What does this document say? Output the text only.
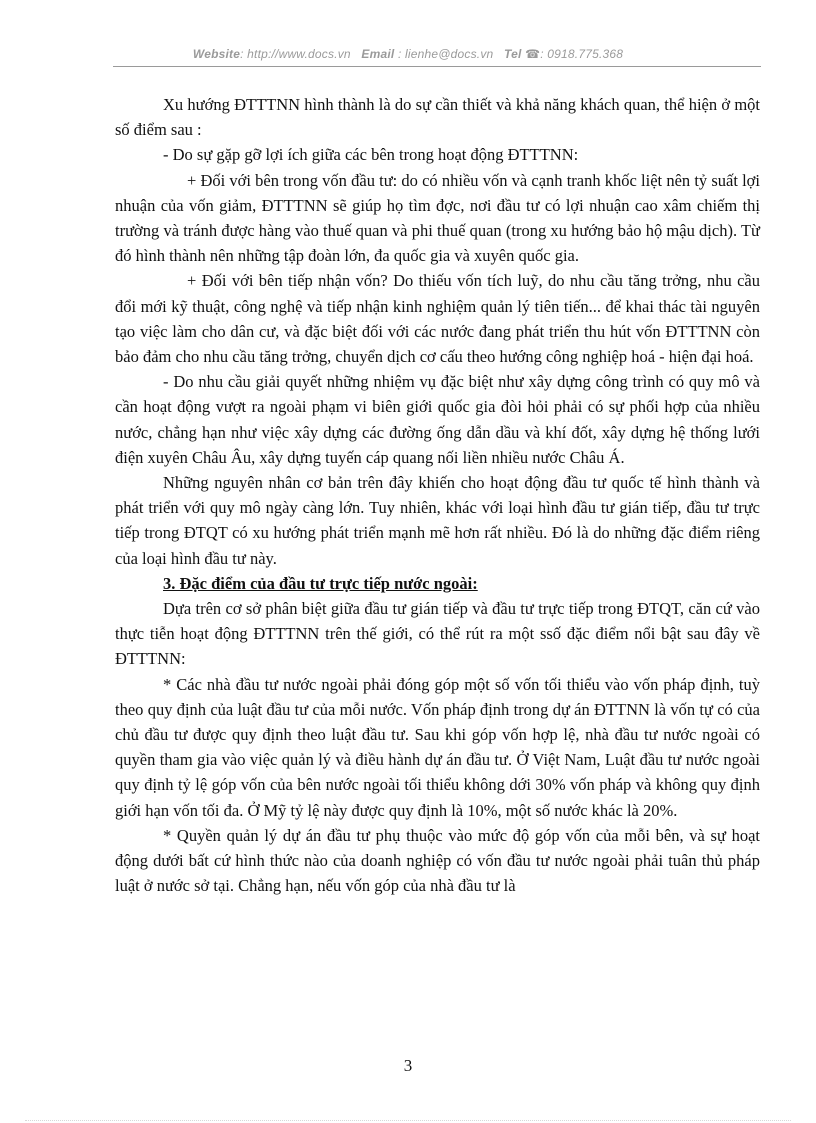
Website: http://www.docs.vn Email : lienhe@docs.vn Tel ☎: 0918.775.368

Xu hướng ĐTTTNN hình thành là do sự cần thiết và khả năng khách quan, thể hiện ở một số điểm sau :

- Do sự gặp gỡ lợi ích giữa các bên trong hoạt động ĐTTTNN:

+ Đối với bên trong vốn đầu tư: do có nhiều vốn và cạnh tranh khốc liệt nên tỷ suất lợi nhuận của vốn giảm, ĐTTTNN sẽ giúp họ tìm đợc, nơi đầu tư có lợi nhuận cao xâm chiếm thị trường và tránh được hàng vào thuế quan và phi thuế quan (trong xu hướng bảo hộ mậu dịch). Từ đó hình thành nên những tập đoàn lớn, đa quốc gia và xuyên quốc gia.

+ Đối với bên tiếp nhận vốn? Do thiếu vốn tích luỹ, do nhu cầu tăng trởng, nhu cầu đổi mới kỹ thuật, công nghệ và tiếp nhận kinh nghiệm quản lý tiên tiến... để khai thác tài nguyên tạo việc làm cho dân cư, và đặc biệt đối với các nước đang phát triển thu hút vốn ĐTTTNN còn bảo đảm cho nhu cầu tăng trởng, chuyển dịch cơ cấu theo hướng công nghiệp hoá - hiện đại hoá.

- Do nhu cầu giải quyết những nhiệm vụ đặc biệt như xây dựng công trình có quy mô và cần hoạt động vượt ra ngoài phạm vi biên giới quốc gia đòi hỏi phải có sự phối hợp của nhiều nước, chẳng hạn như việc xây dựng các đường ống dẫn dầu và khí đốt, xây dựng hệ thống lưới điện xuyên Châu Âu, xây dựng tuyến cáp quang nối liền nhiều nước Châu Á.

Những nguyên nhân cơ bản trên đây khiến cho hoạt động đầu tư quốc tế hình thành và phát triển với quy mô ngày càng lớn. Tuy nhiên, khác với loại hình đầu tư gián tiếp, đầu tư trực tiếp trong ĐTQT có xu hướng phát triển mạnh mẽ hơn rất nhiều. Đó là do những đặc điểm riêng của loại hình đầu tư này.

3. Đặc điểm của đầu tư trực tiếp nước ngoài:

Dựa trên cơ sở phân biệt giữa đầu tư gián tiếp và đầu tư trực tiếp trong ĐTQT, căn cứ vào thực tiễn hoạt động ĐTTTNN trên thế giới, có thể rút ra một ssố đặc điểm nổi bật sau đây về ĐTTTNN:

* Các nhà đầu tư nước ngoài phải đóng góp một số vốn tối thiểu vào vốn pháp định, tuỳ theo quy định của luật đầu tư của mỗi nước. Vốn pháp định trong dự án ĐTTNN là vốn tự có của chủ đầu tư được quy định theo luật đầu tư. Sau khi góp vốn hợp lệ, nhà đầu tư nước ngoài có quyền tham gia vào việc quản lý và điều hành dự án đầu tư. Ở Việt Nam, Luật đầu tư nước ngoài quy định tỷ lệ góp vốn của bên nước ngoài tối thiểu không dới 30% vốn pháp và không quy định giới hạn vốn tối đa. Ở Mỹ tỷ lệ này được quy định là 10%, một số nước khác là 20%.

* Quyền quản lý dự án đầu tư phụ thuộc vào mức độ góp vốn của mỗi bên, và sự hoạt động dưới bất cứ hình thức nào của doanh nghiệp có vốn đầu tư nước ngoài phải tuân thủ pháp luật ở nước sở tại. Chẳng hạn, nếu vốn góp của nhà đầu tư là

3
